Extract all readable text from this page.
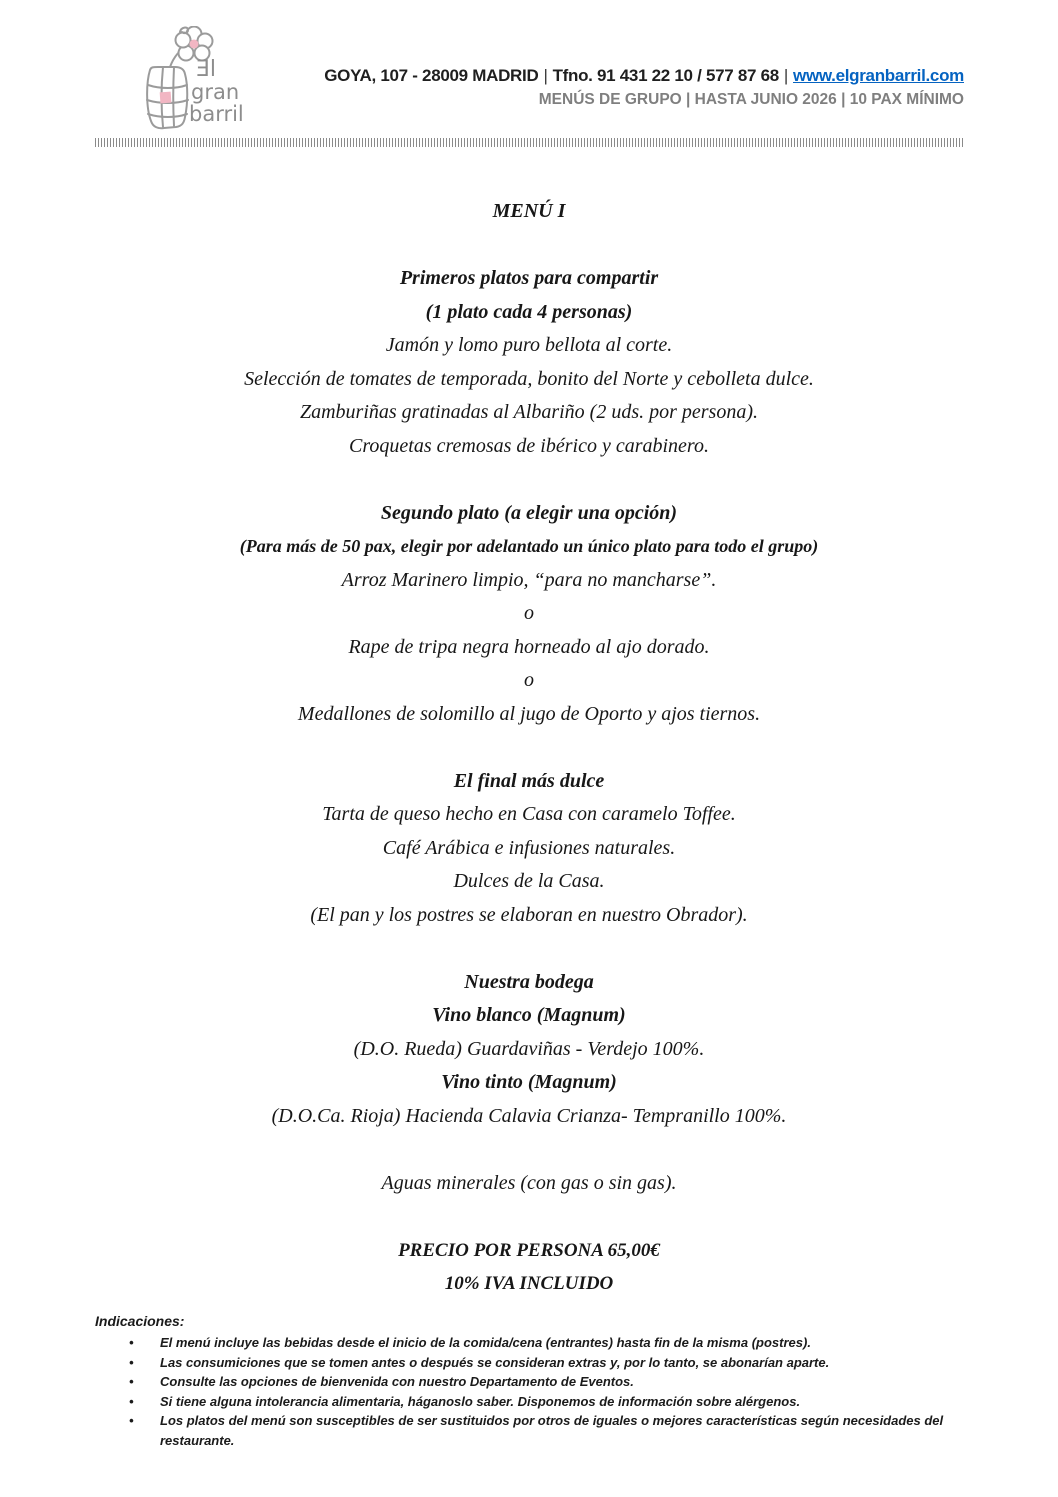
Ǝl
gran
barril
GOYA, 107 - 28009 MADRID | Tfno. 91 431 22 10 / 577 87 68 | www.elgranbarril.com
MENÚS DE GRUPO | HASTA JUNIO 2026 | 10 PAX MÍNIMO
MENÚ I
Primeros platos para compartir
(1 plato cada 4 personas)
Jamón y lomo puro bellota al corte.
Selección de tomates de temporada, bonito del Norte y cebolleta dulce.
Zamburiñas gratinadas al Albariño (2 uds. por persona).
Croquetas cremosas de ibérico y carabinero.
Segundo plato (a elegir una opción)
(Para más de 50 pax, elegir por adelantado un único plato para todo el grupo)
Arroz Marinero limpio, “para no mancharse”.
o
Rape de tripa negra horneado al ajo dorado.
o
Medallones de solomillo al jugo de Oporto y ajos tiernos.
El final más dulce
Tarta de queso hecho en Casa con caramelo Toffee.
Café Arábica e infusiones naturales.
Dulces de la Casa.
(El pan y los postres se elaboran en nuestro Obrador).
Nuestra bodega
Vino blanco (Magnum)
(D.O. Rueda) Guardaviñas - Verdejo 100%.
Vino tinto (Magnum)
(D.O.Ca. Rioja) Hacienda Calavia Crianza- Tempranillo 100%.
Aguas minerales (con gas o sin gas).
PRECIO POR PERSONA 65,00€
10% IVA INCLUIDO
Indicaciones:
• El menú incluye las bebidas desde el inicio de la comida/cena (entrantes) hasta fin de la misma (postres).
• Las consumiciones que se tomen antes o después se consideran extras y, por lo tanto, se abonarían aparte.
• Consulte las opciones de bienvenida con nuestro Departamento de Eventos.
• Si tiene alguna intolerancia alimentaria, háganoslo saber. Disponemos de información sobre alérgenos.
• Los platos del menú son susceptibles de ser sustituidos por otros de iguales o mejores características según necesidades del restaurante.
